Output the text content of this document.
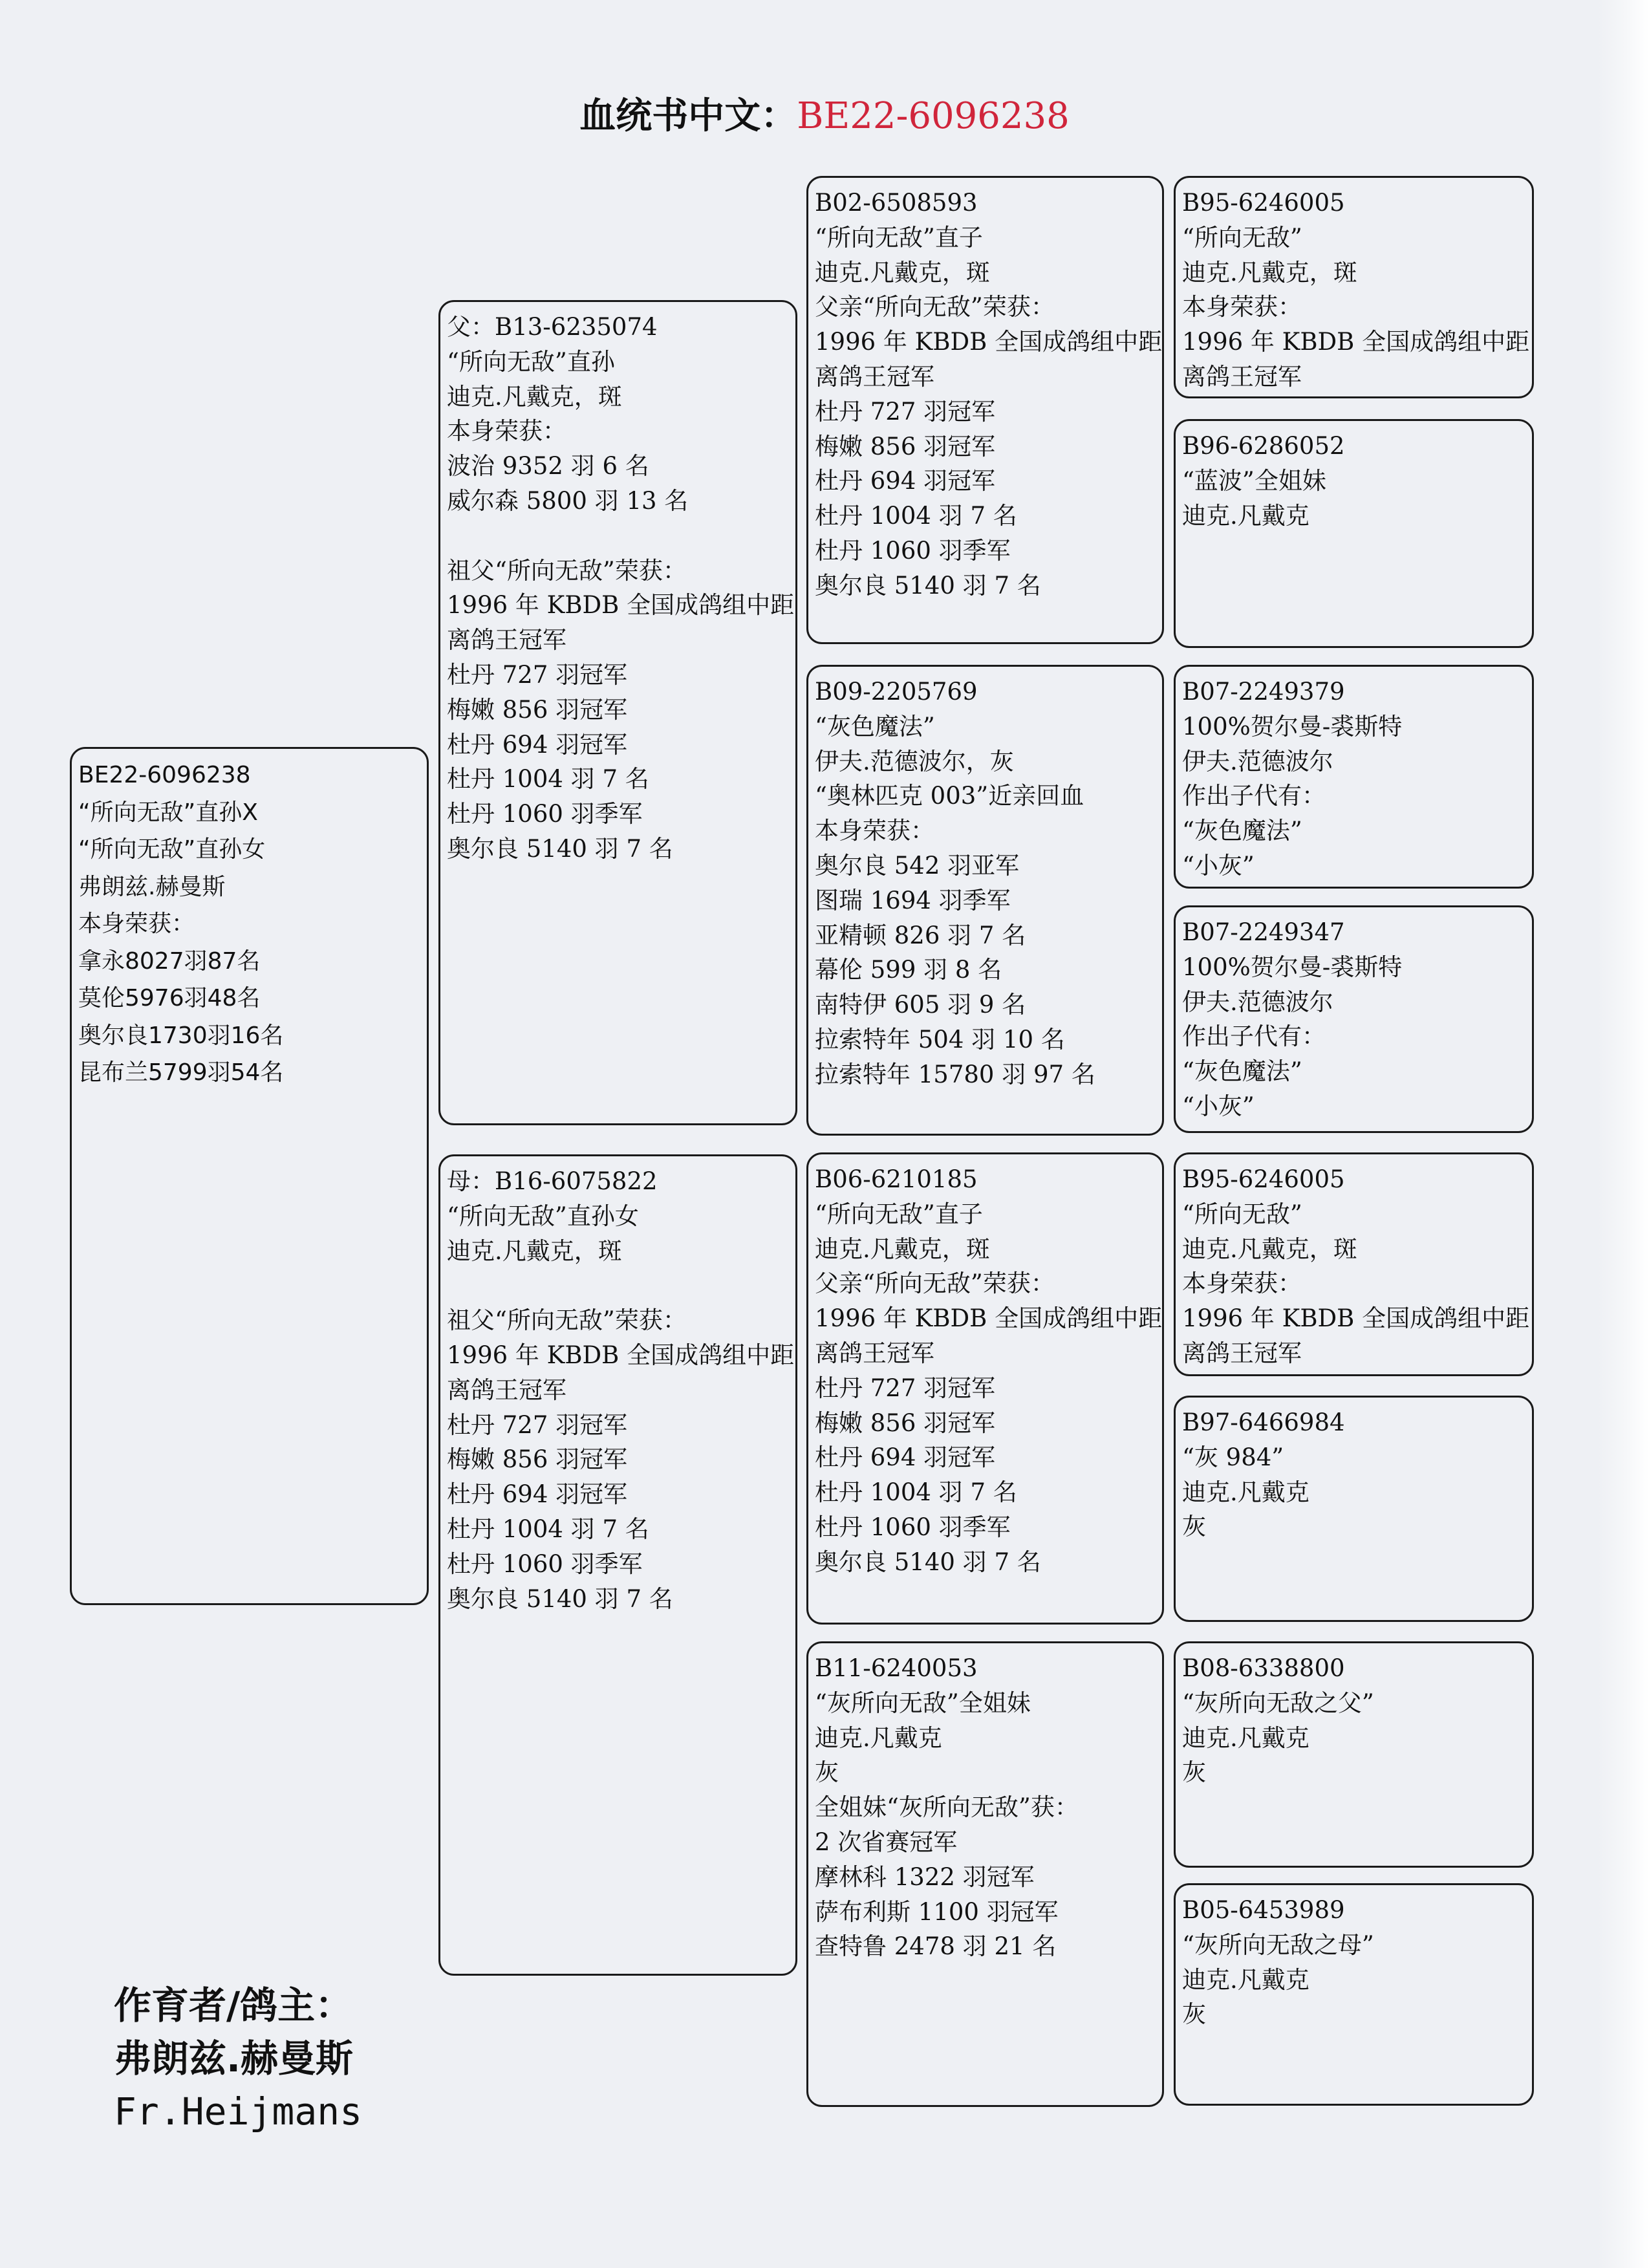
血统书中文：BE22-6096238
BE22-6096238
“所向无敌”直孙X
“所向无敌”直孙女
弗朗兹.赫曼斯
本身荣获：
拿永8027羽87名
莫伦5976羽48名
奥尔良1730羽16名
昆布兰5799羽54名
父：B13-6235074
“所向无敌”直孙
迪克.凡戴克，斑
本身荣获：
波治 9352 羽 6 名
威尔森 5800 羽 13 名
祖父“所向无敌”荣获：
1996 年 KBDB 全国成鸽组中距
离鸽王冠军
杜丹 727 羽冠军
梅嫩 856 羽冠军
杜丹 694 羽冠军
杜丹 1004 羽 7 名
杜丹 1060 羽季军
奥尔良 5140 羽 7 名
母：B16-6075822
“所向无敌”直孙女
迪克.凡戴克，斑
祖父“所向无敌”荣获：
1996 年 KBDB 全国成鸽组中距
离鸽王冠军
杜丹 727 羽冠军
梅嫩 856 羽冠军
杜丹 694 羽冠军
杜丹 1004 羽 7 名
杜丹 1060 羽季军
奥尔良 5140 羽 7 名
B02-6508593
“所向无敌”直子
迪克.凡戴克，斑
父亲“所向无敌”荣获：
1996 年 KBDB 全国成鸽组中距
离鸽王冠军
杜丹 727 羽冠军
梅嫩 856 羽冠军
杜丹 694 羽冠军
杜丹 1004 羽 7 名
杜丹 1060 羽季军
奥尔良 5140 羽 7 名
B09-2205769
“灰色魔法”
伊夫.范德波尔，灰
“奥林匹克 003”近亲回血
本身荣获：
奥尔良 542 羽亚军
图瑞 1694 羽季军
亚精顿 826 羽 7 名
幕伦 599 羽 8 名
南特伊 605 羽 9 名
拉索特年 504 羽 10 名
拉索特年 15780 羽 97 名
B06-6210185
“所向无敌”直子
迪克.凡戴克，斑
父亲“所向无敌”荣获：
1996 年 KBDB 全国成鸽组中距
离鸽王冠军
杜丹 727 羽冠军
梅嫩 856 羽冠军
杜丹 694 羽冠军
杜丹 1004 羽 7 名
杜丹 1060 羽季军
奥尔良 5140 羽 7 名
B11-6240053
“灰所向无敌”全姐妹
迪克.凡戴克
灰
全姐妹“灰所向无敌”获：
2 次省赛冠军
摩林科 1322 羽冠军
萨布利斯 1100 羽冠军
查特鲁 2478 羽 21 名
B95-6246005
“所向无敌”
迪克.凡戴克，斑
本身荣获：
1996 年 KBDB 全国成鸽组中距
离鸽王冠军
B96-6286052
“蓝波”全姐妹
迪克.凡戴克
B07-2249379
100%贺尔曼-裘斯特
伊夫.范德波尔
作出子代有：
“灰色魔法”
“小灰”
B07-2249347
100%贺尔曼-裘斯特
伊夫.范德波尔
作出子代有：
“灰色魔法”
“小灰”
B95-6246005
“所向无敌”
迪克.凡戴克，斑
本身荣获：
1996 年 KBDB 全国成鸽组中距
离鸽王冠军
B97-6466984
“灰 984”
迪克.凡戴克
灰
B08-6338800
“灰所向无敌之父”
迪克.凡戴克
灰
B05-6453989
“灰所向无敌之母”
迪克.凡戴克
灰
作育者/鸽主：
弗朗兹.赫曼斯
Fr.Heijmans
